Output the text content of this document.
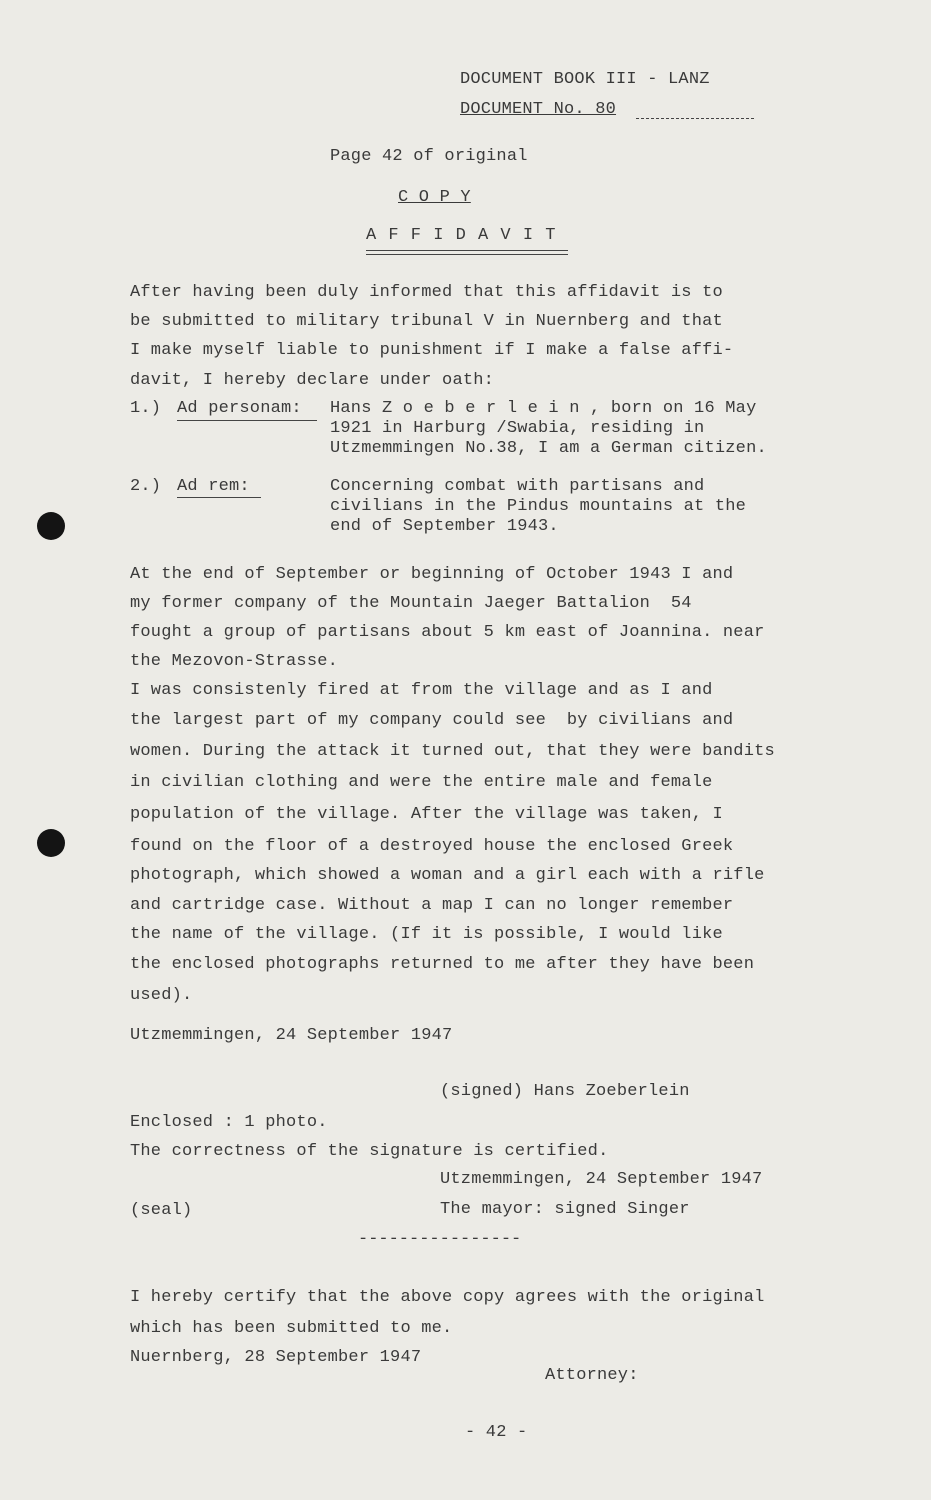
DOCUMENT BOOK III - LANZ
DOCUMENT No. 80
Page 42 of original
C O P Y
A F F I D A V I T
After having been duly informed that this affidavit is to
be submitted to military tribunal V in Nuernberg and that
I make myself liable to punishment if I make a false affi-
davit, I hereby declare under oath:
1.) Ad personam: Hans Z o e b e r l e i n , born on 16 May
1921 in Harburg /Swabia, residing in
Utzmemmingen No.38, I am a German citizen.
2.) Ad rem:	Concerning combat with partisans and
civilians in the Pindus mountains at the
end of September 1943.
At the end of September or beginning of October 1943 I and
my former company of the Mountain Jaeger Battalion  54
fought a group of partisans about 5 km east of Joannina. near
the Mezovon-Strasse.
I was consistenly fired at from the village and as I and
the largest part of my company could see  by civilians and
women. During the attack it turned out, that they were bandits
in civilian clothing and were the entire male and female
population of the village. After the village was taken, I
found on the floor of a destroyed house the enclosed Greek
photograph, which showed a woman and a girl each with a rifle
and cartridge case. Without a map I can no longer remember
the name of the village. (If it is possible, I would like
the enclosed photographs returned to me after they have been
used).
Utzmemmingen, 24 September 1947
(signed) Hans Zoeberlein
Enclosed : 1 photo.
The correctness of the signature is certified.
Utzmemmingen, 24 September 1947
(seal)	The mayor: signed Singer
----------------
I hereby certify that the above copy agrees with the original
which has been submitted to me.
Nuernberg, 28 September 1947
Attorney:
- 42 -
